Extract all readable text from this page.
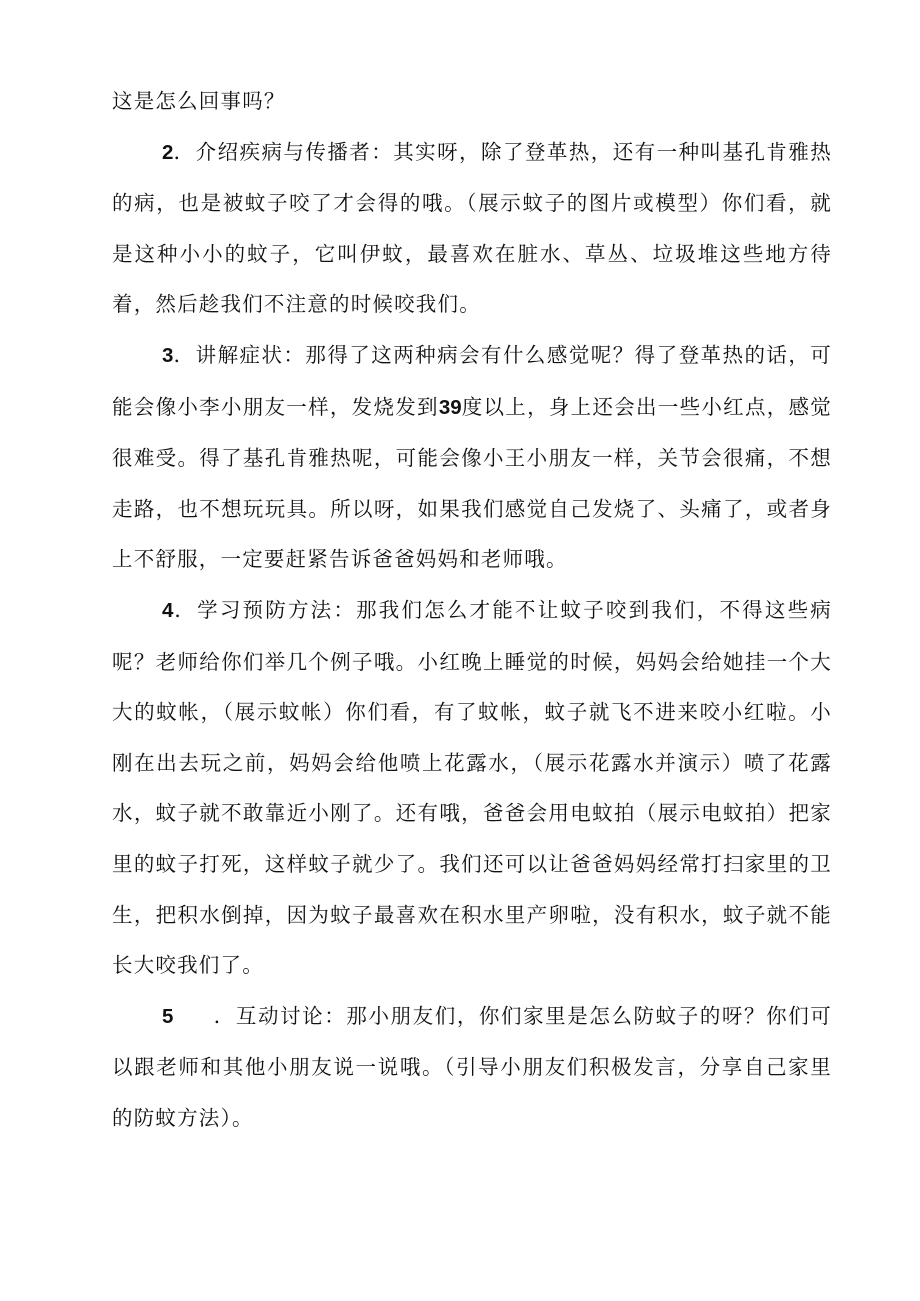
这是怎么回事吗？

2．介绍疾病与传播者：其实呀，除了登革热，还有一种叫基孔肯雅热的病，也是被蚊子咬了才会得的哦。（展示蚊子的图片或模型）你们看，就是这种小小的蚊子，它叫伊蚊，最喜欢在脏水、草丛、垃圾堆这些地方待着，然后趁我们不注意的时候咬我们。

3．讲解症状：那得了这两种病会有什么感觉呢？得了登革热的话，可能会像小李小朋友一样，发烧发到39度以上，身上还会出一些小红点，感觉很难受。得了基孔肯雅热呢，可能会像小王小朋友一样，关节会很痛，不想走路，也不想玩玩具。所以呀，如果我们感觉自己发烧了、头痛了，或者身上不舒服，一定要赶紧告诉爸爸妈妈和老师哦。

4．学习预防方法：那我们怎么才能不让蚊子咬到我们，不得这些病呢？老师给你们举几个例子哦。小红晚上睡觉的时候，妈妈会给她挂一个大大的蚊帐，（展示蚊帐）你们看，有了蚊帐，蚊子就飞不进来咬小红啦。小刚在出去玩之前，妈妈会给他喷上花露水，（展示花露水并演示）喷了花露水，蚊子就不敢靠近小刚了。还有哦，爸爸会用电蚊拍（展示电蚊拍）把家里的蚊子打死，这样蚊子就少了。我们还可以让爸爸妈妈经常打扫家里的卫生，把积水倒掉，因为蚊子最喜欢在积水里产卵啦，没有积水，蚊子就不能长大咬我们了。

5 ．互动讨论：那小朋友们，你们家里是怎么防蚊子的呀？你们可以跟老师和其他小朋友说一说哦。（引导小朋友们积极发言，分享自己家里的防蚊方法）。
